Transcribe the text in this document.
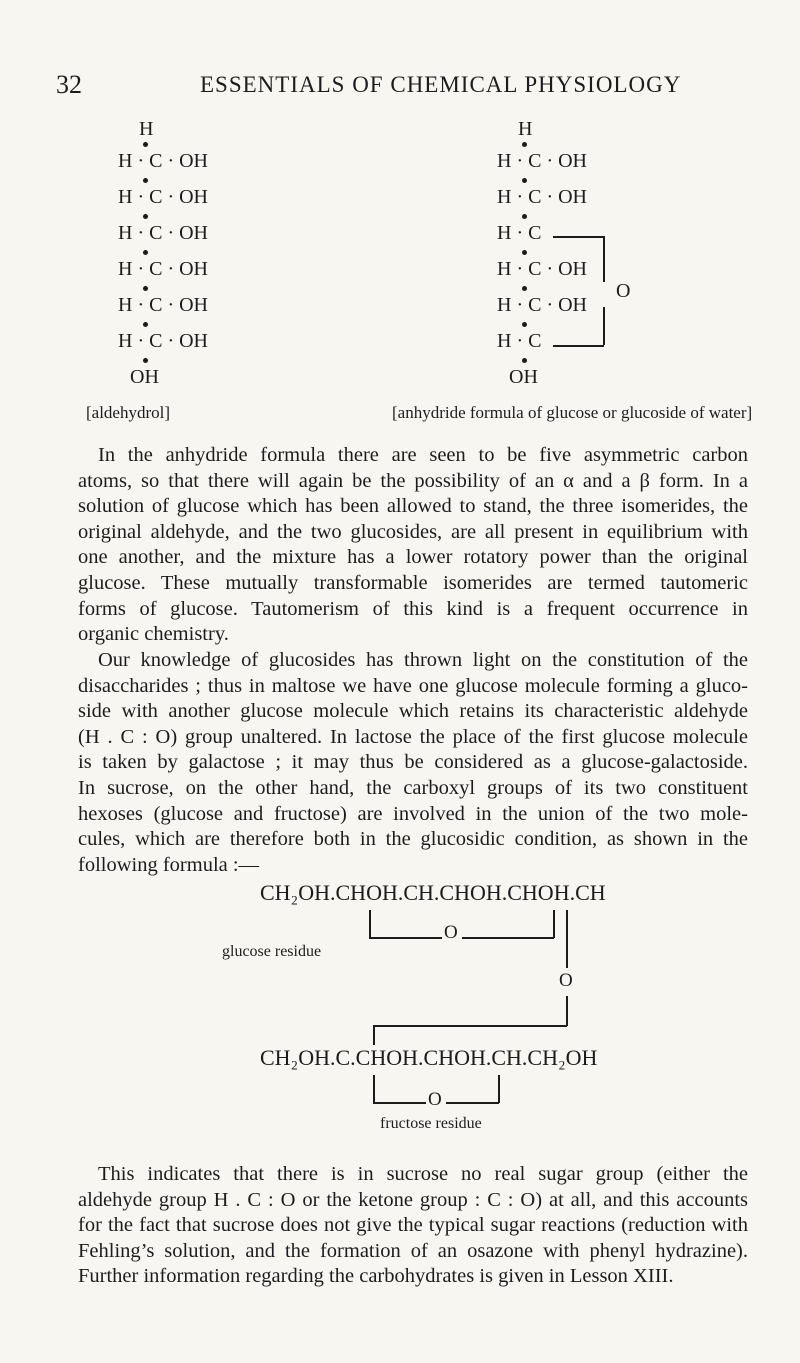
32	ESSENTIALS OF CHEMICAL PHYSIOLOGY
H
H · C · OH
H · C · OH
H · C · OH
H · C · OH
H · C · OH
H · C · OH
OH
[aldehydrol]
H
H · C · OH
H · C · OH
H · C
H · C · OH
H · C · OH
H · C
OH
O
[anhydride formula of glucose or glucoside of water]

In the anhydride formula there are seen to be five asymmetric carbon
atoms, so that there will again be the possibility of an α and a β form. In a
solution of glucose which has been allowed to stand, the three isomerides, the
original aldehyde, and the two glucosides, are all present in equilibrium with
one another, and the mixture has a lower rotatory power than the original
glucose. These mutually transformable isomerides are termed tautomeric
forms of glucose. Tautomerism of this kind is a frequent occurrence in
organic chemistry.

Our knowledge of glucosides has thrown light on the constitution of the
disaccharides ; thus in maltose we have one glucose molecule forming a gluco-
side with another glucose molecule which retains its characteristic aldehyde
(H . C : O) group unaltered. In lactose the place of the first glucose molecule
is taken by galactose ; it may thus be considered as a glucose-galactoside.
In sucrose, on the other hand, the carboxyl groups of its two constituent
hexoses (glucose and fructose) are involved in the union of the two mole-
cules, which are therefore both in the glucosidic condition, as shown in the
following formula :—

CH₂OH.CHOH.CH.CHOH.CHOH.CH
O
glucose residue
O
CH₂OH.C.CHOH.CHOH.CH.CH₂OH
O
fructose residue

This indicates that there is in sucrose no real sugar group (either the
aldehyde group H . C : O or the ketone group : C : O) at all, and this accounts
for the fact that sucrose does not give the typical sugar reactions (reduction with
Fehling’s solution, and the formation of an osazone with phenyl hydrazine).
Further information regarding the carbohydrates is given in Lesson XIII.
